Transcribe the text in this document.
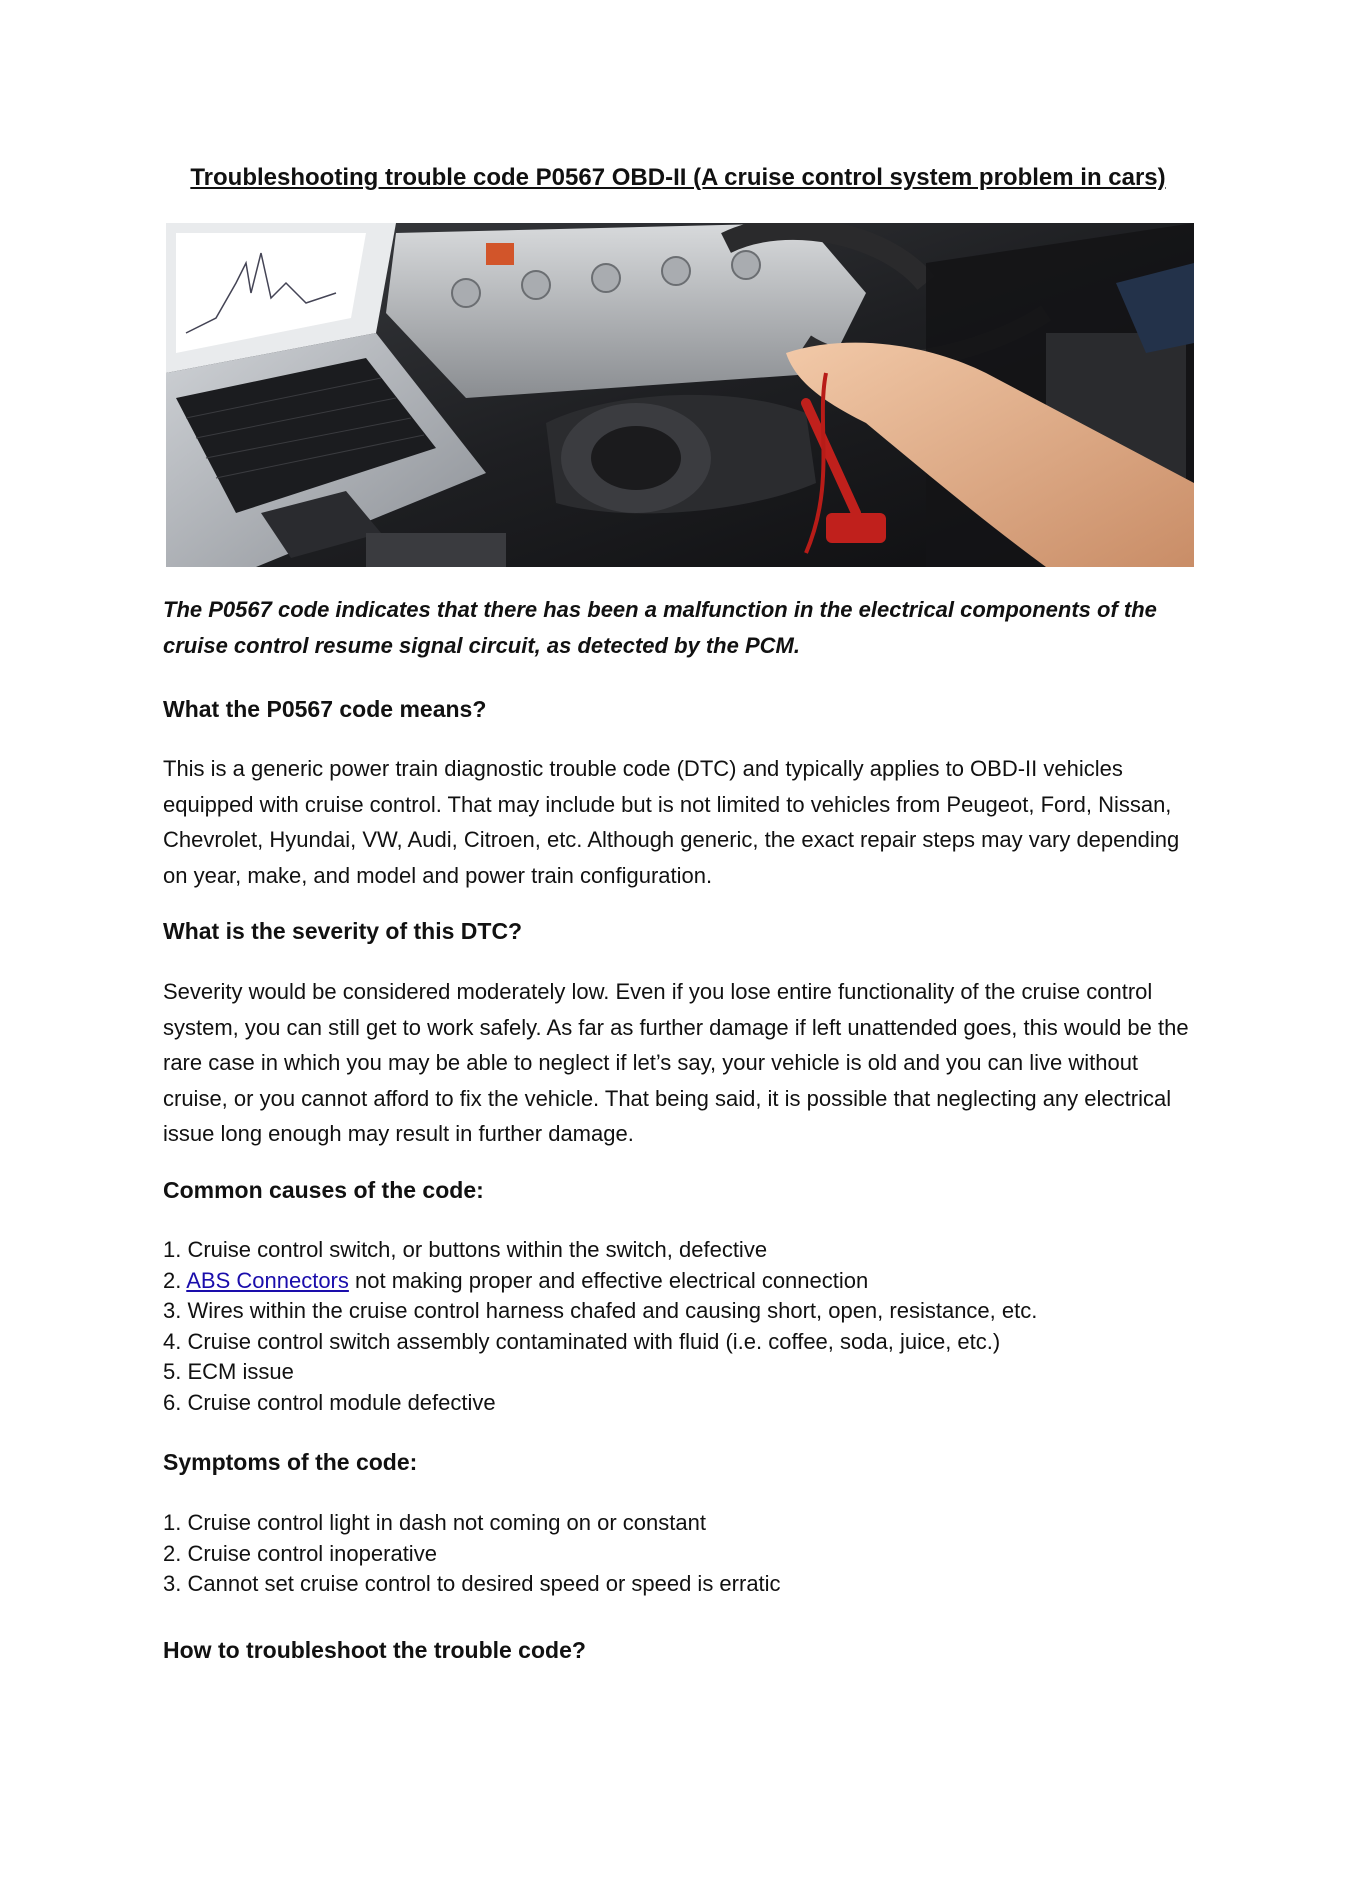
Troubleshooting trouble code P0567 OBD-II (A cruise control system problem in cars)

The P0567 code indicates that there has been a malfunction in the electrical components of the cruise control resume signal circuit, as detected by the PCM.

What the P0567 code means?

This is a generic power train diagnostic trouble code (DTC) and typically applies to OBD-II vehicles equipped with cruise control. That may include but is not limited to vehicles from Peugeot, Ford, Nissan, Chevrolet, Hyundai, VW, Audi, Citroen, etc. Although generic, the exact repair steps may vary depending on year, make, and model and power train configuration.

What is the severity of this DTC?

Severity would be considered moderately low. Even if you lose entire functionality of the cruise control system, you can still get to work safely. As far as further damage if left unattended goes, this would be the rare case in which you may be able to neglect if let’s say, your vehicle is old and you can live without cruise, or you cannot afford to fix the vehicle. That being said, it is possible that neglecting any electrical issue long enough may result in further damage.

Common causes of the code:
1. Cruise control switch, or buttons within the switch, defective
2. ABS Connectors not making proper and effective electrical connection
3. Wires within the cruise control harness chafed and causing short, open, resistance, etc.
4. Cruise control switch assembly contaminated with fluid (i.e. coffee, soda, juice, etc.)
5. ECM issue
6. Cruise control module defective
Symptoms of the code:
1. Cruise control light in dash not coming on or constant
2. Cruise control inoperative
3. Cannot set cruise control to desired speed or speed is erratic
How to troubleshoot the trouble code?
